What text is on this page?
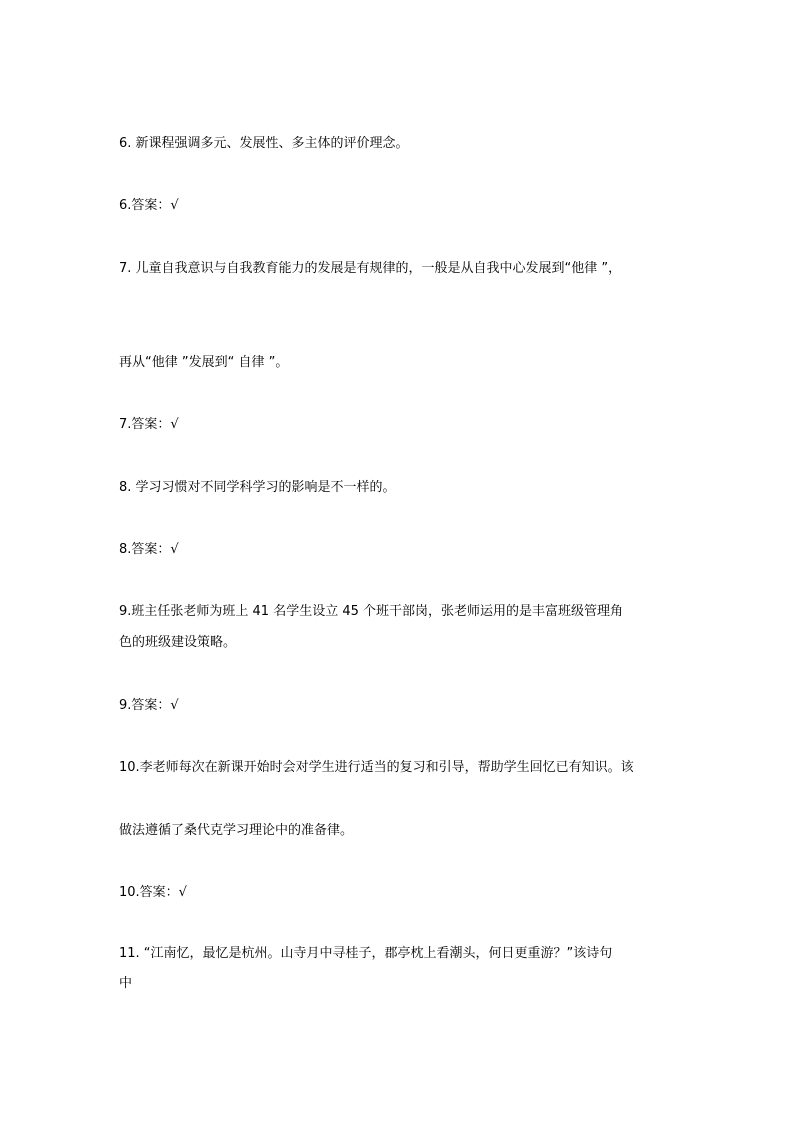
6. 新课程强调多元、发展性、多主体的评价理念。
6.答案：√
7. 儿童自我意识与自我教育能力的发展是有规律的，一般是从自我中心发展到“他律 ”，
再从“他律 ”发展到“ 自律 ”。
7.答案：√
8. 学习习惯对不同学科学习的影响是不一样的。
8.答案：√
9.班主任张老师为班上 41 名学生设立 45 个班干部岗，张老师运用的是丰富班级管理角
色的班级建设策略。
9.答案：√
10.李老师每次在新课开始时会对学生进行适当的复习和引导，帮助学生回忆已有知识。该
做法遵循了桑代克学习理论中的准备律。
10.答案：√
11. “江南忆，最忆是杭州。山寺月中寻桂子，郡亭枕上看潮头，何日更重游？”该诗句
中
